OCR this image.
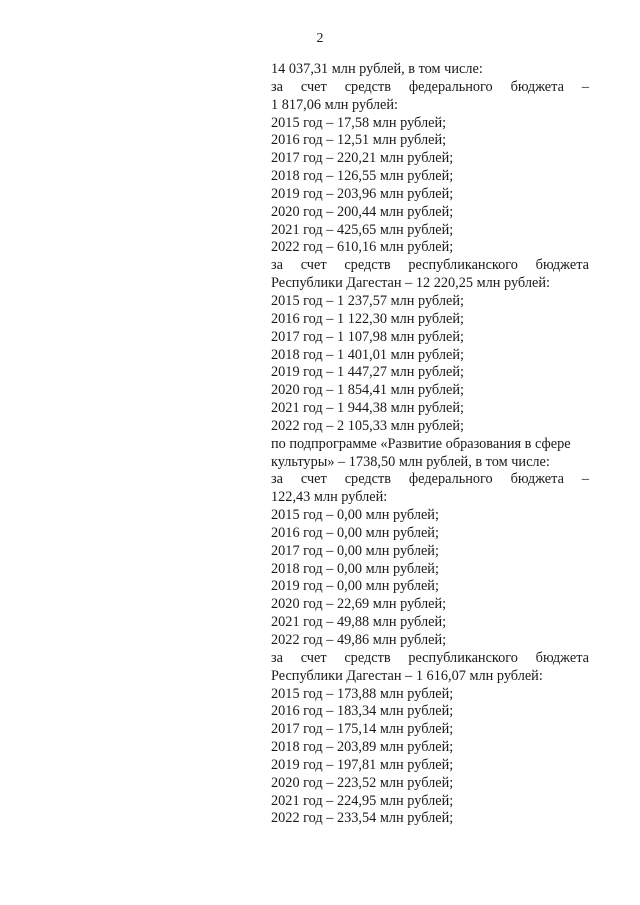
2
14 037,31 млн рублей, в том числе:
за счет средств федерального бюджета –
1 817,06 млн рублей:
2015 год – 17,58 млн рублей;
2016 год – 12,51 млн рублей;
2017 год – 220,21 млн рублей;
2018 год – 126,55 млн рублей;
2019 год – 203,96 млн рублей;
2020 год – 200,44 млн рублей;
2021 год – 425,65 млн рублей;
2022 год – 610,16 млн рублей;
за счет средств республиканского бюджета
Республики Дагестан – 12 220,25 млн рублей:
2015 год – 1 237,57 млн рублей;
2016 год – 1 122,30 млн рублей;
2017 год – 1 107,98 млн рублей;
2018 год – 1 401,01 млн рублей;
2019 год – 1 447,27 млн рублей;
2020 год – 1 854,41 млн рублей;
2021 год – 1 944,38 млн рублей;
2022 год – 2 105,33 млн рублей;
по подпрограмме «Развитие образования в сфере
культуры» – 1738,50 млн рублей, в том числе:
за счет средств федерального бюджета –
122,43 млн рублей:
2015 год – 0,00 млн рублей;
2016 год – 0,00 млн рублей;
2017 год – 0,00 млн рублей;
2018 год – 0,00 млн рублей;
2019 год – 0,00 млн рублей;
2020 год – 22,69 млн рублей;
2021 год – 49,88 млн рублей;
2022 год – 49,86 млн рублей;
за счет средств республиканского бюджета
Республики Дагестан – 1 616,07 млн рублей:
2015 год – 173,88 млн рублей;
2016 год – 183,34 млн рублей;
2017 год – 175,14 млн рублей;
2018 год – 203,89 млн рублей;
2019 год – 197,81 млн рублей;
2020 год – 223,52 млн рублей;
2021 год – 224,95 млн рублей;
2022 год – 233,54 млн рублей;
